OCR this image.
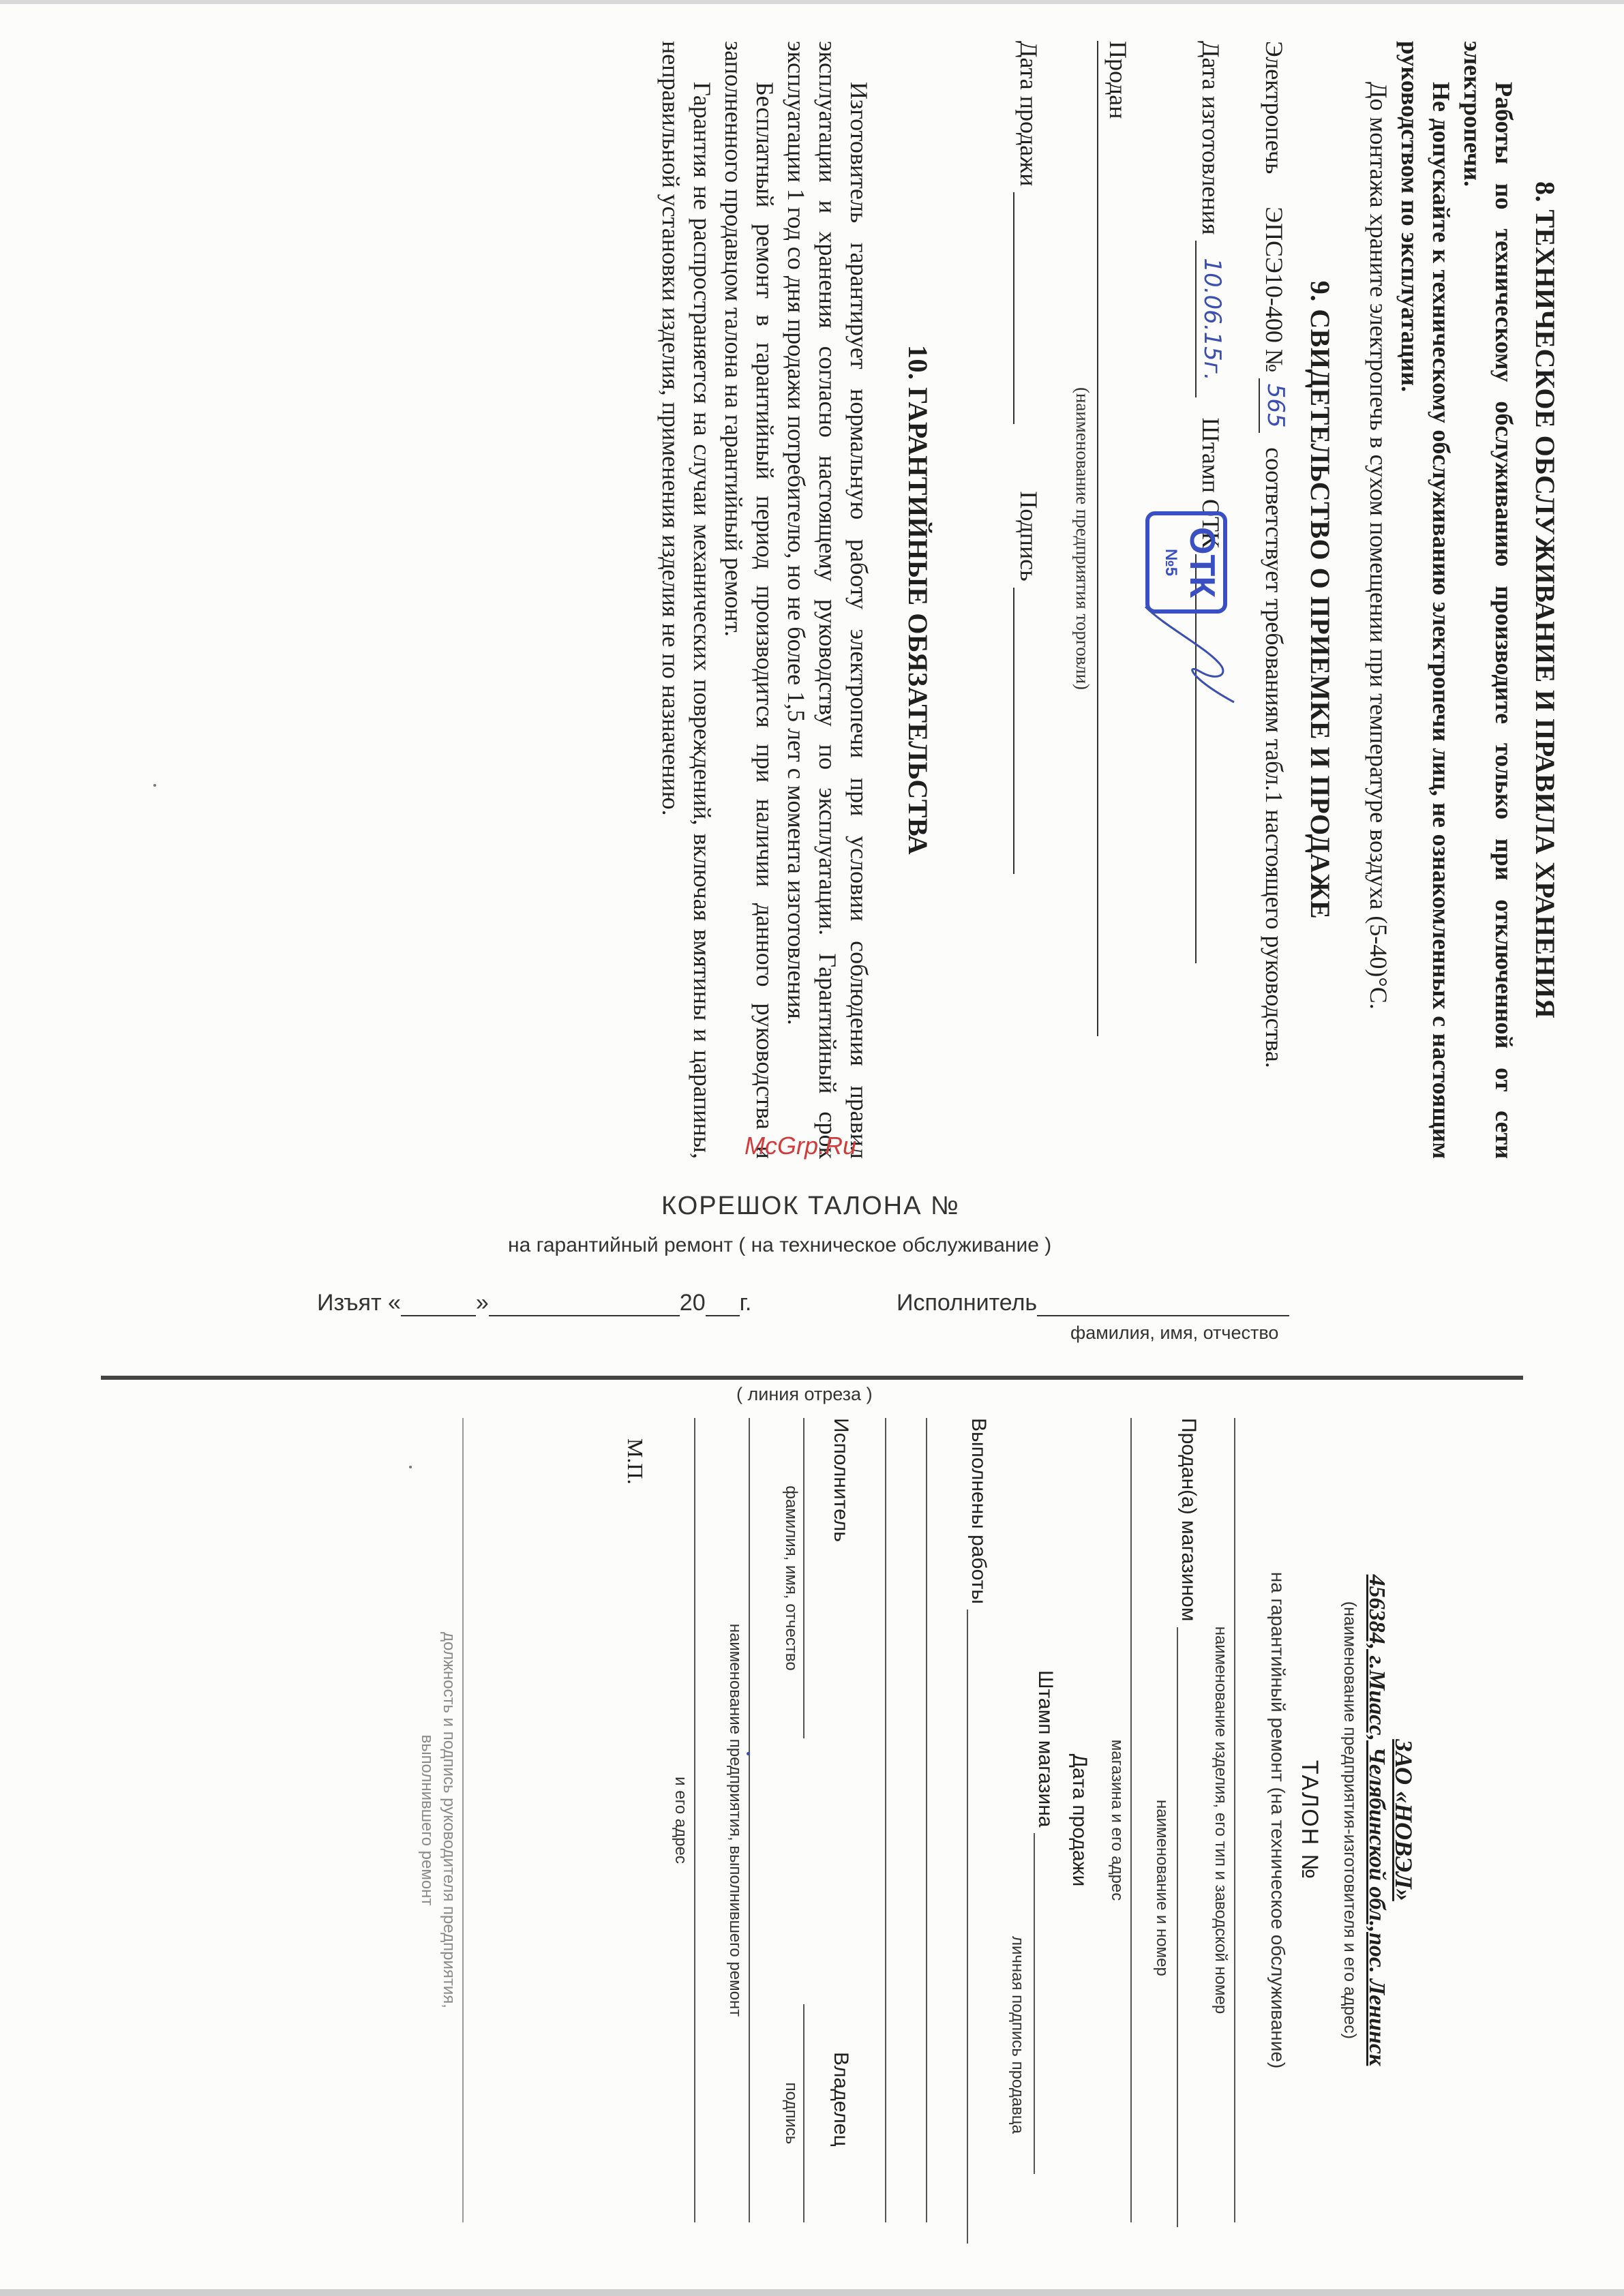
8. ТЕХНИЧЕСКОЕ ОБСЛУЖИВАНИЕ И ПРАВИЛА ХРАНЕНИЯ
Работы по техническому обслуживанию производите только при отключенной от сети электропечи.
Не допускайте к техническому обслуживанию электропечи лиц, не ознакомленных с настоящим руководством по эксплуатации.
До монтажа храните электропечь в сухом помещении при температуре воздуха (5-40)°С.
9. СВИДЕТЕЛЬСТВО О ПРИЕМКЕ И ПРОДАЖЕ
Электропечь  ЭПСЭ10-400 № 565 соответствует требованиям табл.1 настоящего руководства.
Дата изготовления 10.06.15г. Штамп ОТК
ОТК
№5
Продан
(наименование предприятия торговли)
Дата продажи   Подпись
10. ГАРАНТИЙНЫЕ ОБЯЗАТЕЛЬСТВА
Изготовитель гарантирует нормальную работу электропечи при условии соблюдения правил эксплуатации и хранения согласно настоящему руководству по эксплуатации. Гарантийный срок эксплуатации 1 год со дня продажи потребителю, но не более 1,5 лет с момента изготовления.
Бесплатный ремонт в гарантийный период производится при наличии данного руководства и заполненного продавцом талона на гарантийный ремонт.
Гарантия не распространяется на случаи механических повреждений, включая вмятины и царапины, неправильной установки изделия, применения изделия не по назначению.
McGrp.Ru
КОРЕШОК ТАЛОНА №
на гарантийный ремонт ( на техническое обслуживание )
Изъят «	»	20 г.	Исполнитель
фамилия, имя, отчество
( линия отреза )
ЗАО «НОВЭЛ»
456384, г.Миасс, Челябинской обл.,пос. Ленинск
(наименование предприятия-изготовителя и его адрес)
ТАЛОН №
на гарантийный ремонт (на техническое обслуживание)
наименование изделия, его тип и заводской номер
Продан(а) магазином
наименование и номер
магазина и его адрес
Дата продажи
Штамп магазина
личная подпись продавца
Выполнены работы
Исполнитель
Владелец
фамилия, имя, отчество
подпись
наименование предприятия, выполнившего ремонт
и его адрес
М.П.
должность и подпись руководителя предприятия,
выполнившего ремонт
